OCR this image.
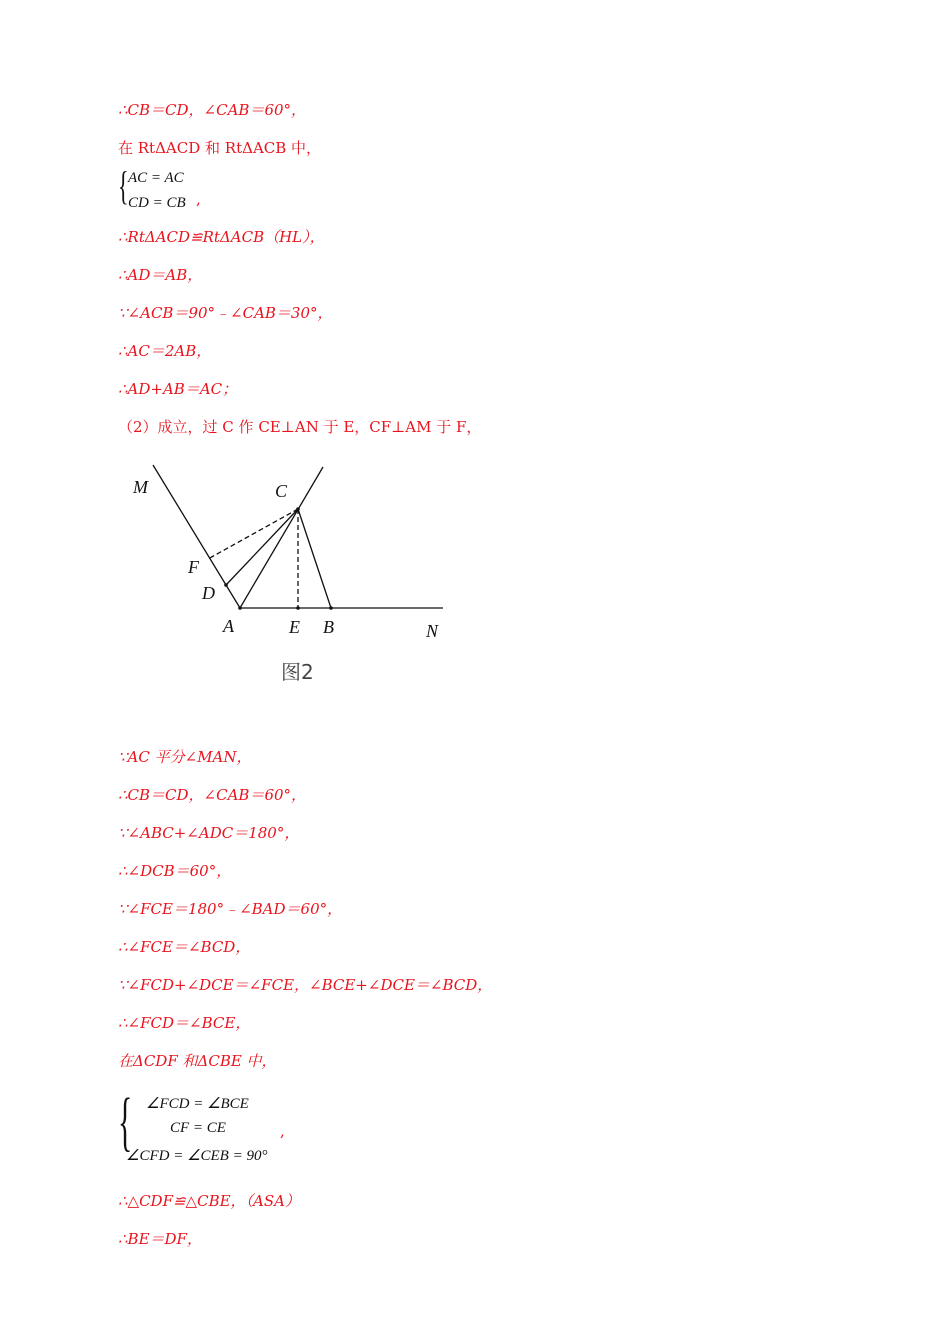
∴CB＝CD，∠CAB＝60°，
在 RtΔACD 和 RtΔACB 中，
{ AC = AC
CD = CB ,
∴RtΔACD≌RtΔACB（HL），
∴AD＝AB，
∵∠ACB＝90°﹣∠CAB＝30°，
∴AC＝2AB，
∴AD+AB＝AC；
（2）成立，过 C 作 CE⊥AN 于 E，CF⊥AM 于 F，
M	C
F
D
A	E B	N
图2
∵AC 平分∠MAN，
∴CB＝CD，∠CAB＝60°，
∵∠ABC+∠ADC＝180°，
∴∠DCB＝60°，
∵∠FCE＝180°﹣∠BAD＝60°，
∴∠FCE＝∠BCD，
∵∠FCD+∠DCE＝∠FCE，∠BCE+∠DCE＝∠BCD，
∴∠FCD＝∠BCE，
在ΔCDF 和ΔCBE 中，
{ ∠FCD = ∠BCE
CF = CE
∠CFD = ∠CEB = 90°
,
∴△CDF≌△CBE，（ASA）
∴BE＝DF，
